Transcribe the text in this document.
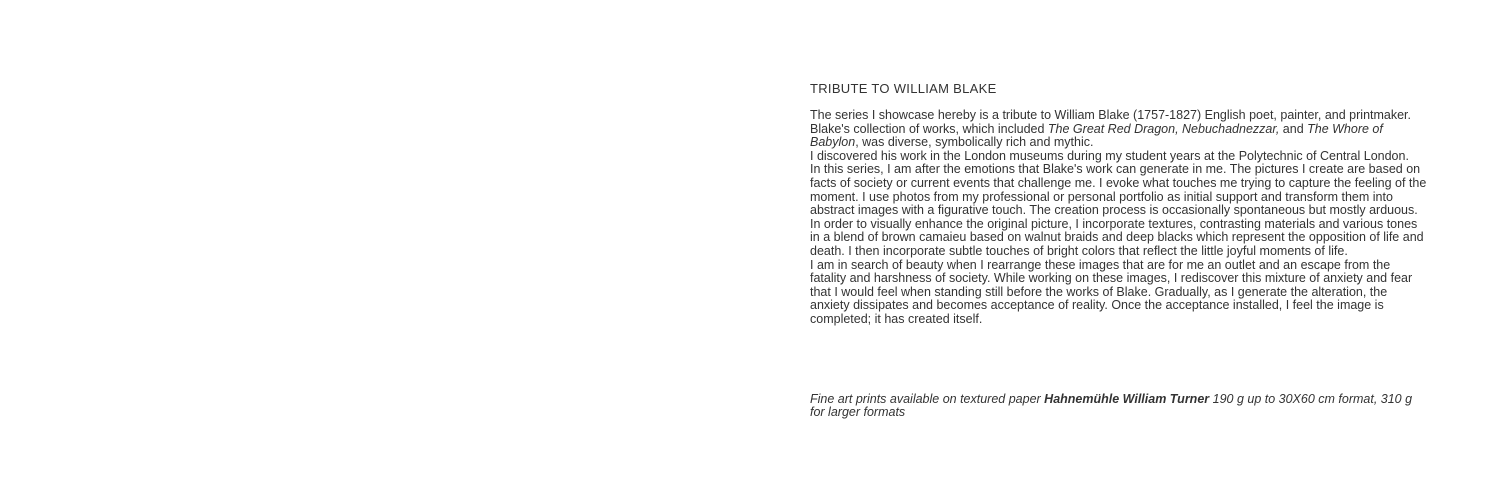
TRIBUTE TO WILLIAM BLAKE
The series I showcase hereby is a tribute to William Blake (1757-1827) English poet, painter, and printmaker. Blake's collection of works, which included The Great Red Dragon, Nebuchadnezzar, and The Whore of Babylon, was diverse, symbolically rich and mythic.
I discovered his work in the London museums during my student years at the Polytechnic of Central London.
In this series, I am after the emotions that Blake's work can generate in me. The pictures I create are based on facts of society or current events that challenge me. I evoke what touches me trying to capture the feeling of the moment. I use photos from my professional or personal portfolio as initial support and transform them into abstract images with a figurative touch. The creation process is occasionally spontaneous but mostly arduous. In order to visually enhance the original picture, I incorporate textures, contrasting materials and various tones in a blend of brown camaieu based on walnut braids and deep blacks which represent the opposition of life and death. I then incorporate subtle touches of bright colors that reflect the little joyful moments of life.
I am in search of beauty when I rearrange these images that are for me an outlet and an escape from the fatality and harshness of society. While working on these images, I rediscover this mixture of anxiety and fear that I would feel when standing still before the works of Blake. Gradually, as I generate the alteration, the anxiety dissipates and becomes acceptance of reality. Once the acceptance installed, I feel the image is completed; it has created itself.
Fine art prints available on textured paper Hahnemühle William Turner 190 g up to 30X60 cm format, 310 g for larger formats
